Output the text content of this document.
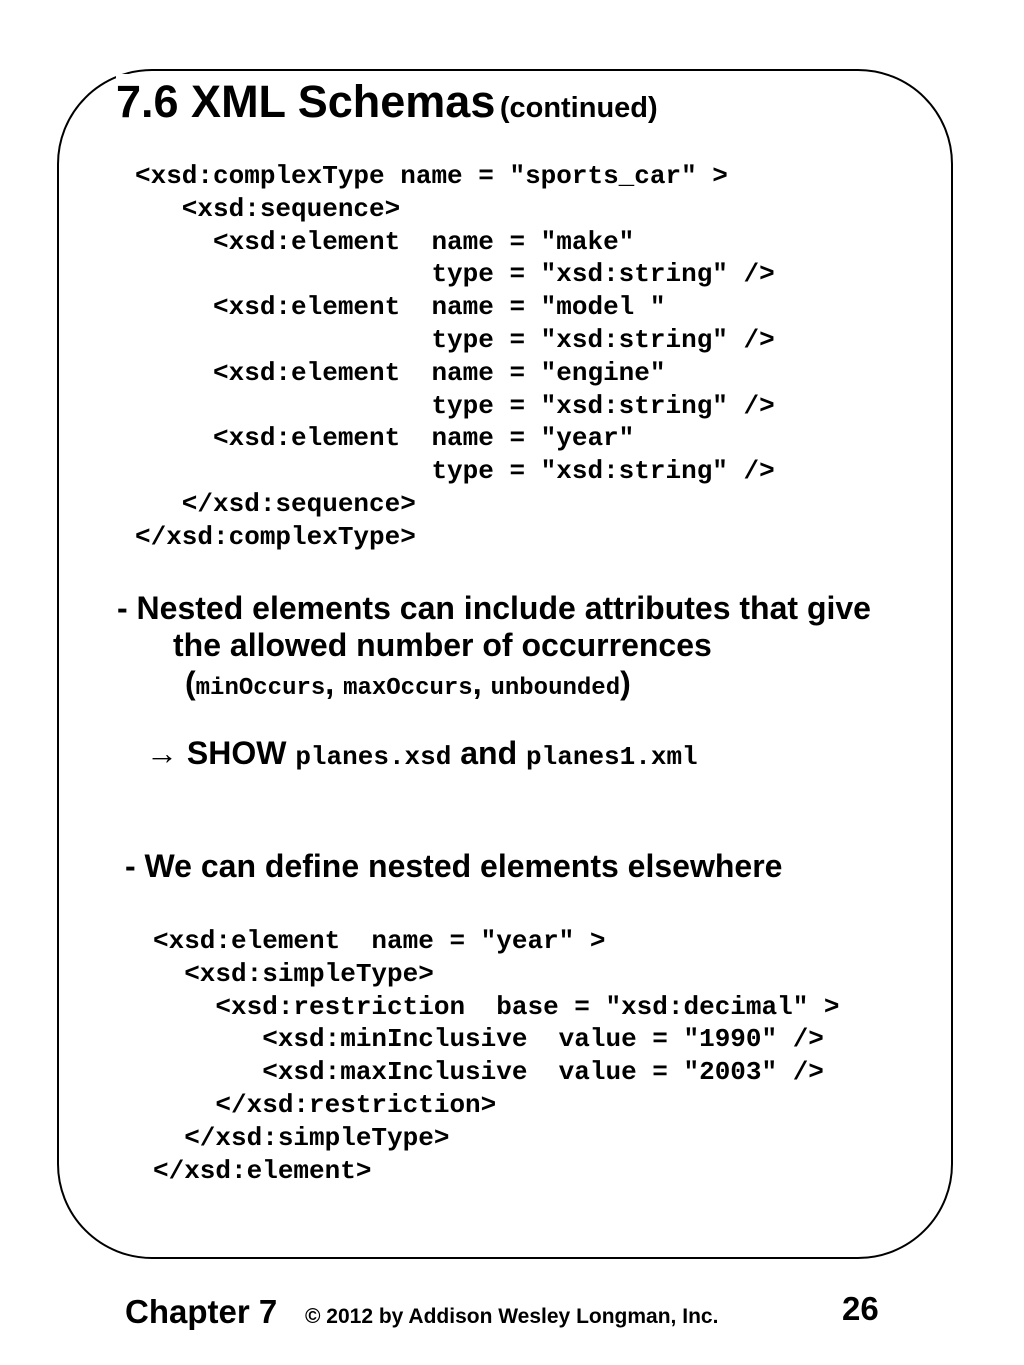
7.6 XML Schemas (continued)
<xsd:complexType name = "sports_car" >
<xsd:sequence>
<xsd:element  name = "make"
type = "xsd:string" />
<xsd:element  name = "model "
type = "xsd:string" />
<xsd:element  name = "engine"
type = "xsd:string" />
<xsd:element  name = "year"
type = "xsd:string" />
</xsd:sequence>
</xsd:complexType>
- Nested elements can include attributes that give
the allowed number of occurrences
(minOccurs, maxOccurs, unbounded)
→ SHOW planes.xsd and planes1.xml
- We can define nested elements elsewhere
<xsd:element  name = "year" >
<xsd:simpleType>
<xsd:restriction  base = "xsd:decimal" >
<xsd:minInclusive  value = "1990" />
<xsd:maxInclusive  value = "2003" />
</xsd:restriction>
</xsd:simpleType>
</xsd:element>
Chapter 7 © 2012 by Addison Wesley Longman, Inc.	26
